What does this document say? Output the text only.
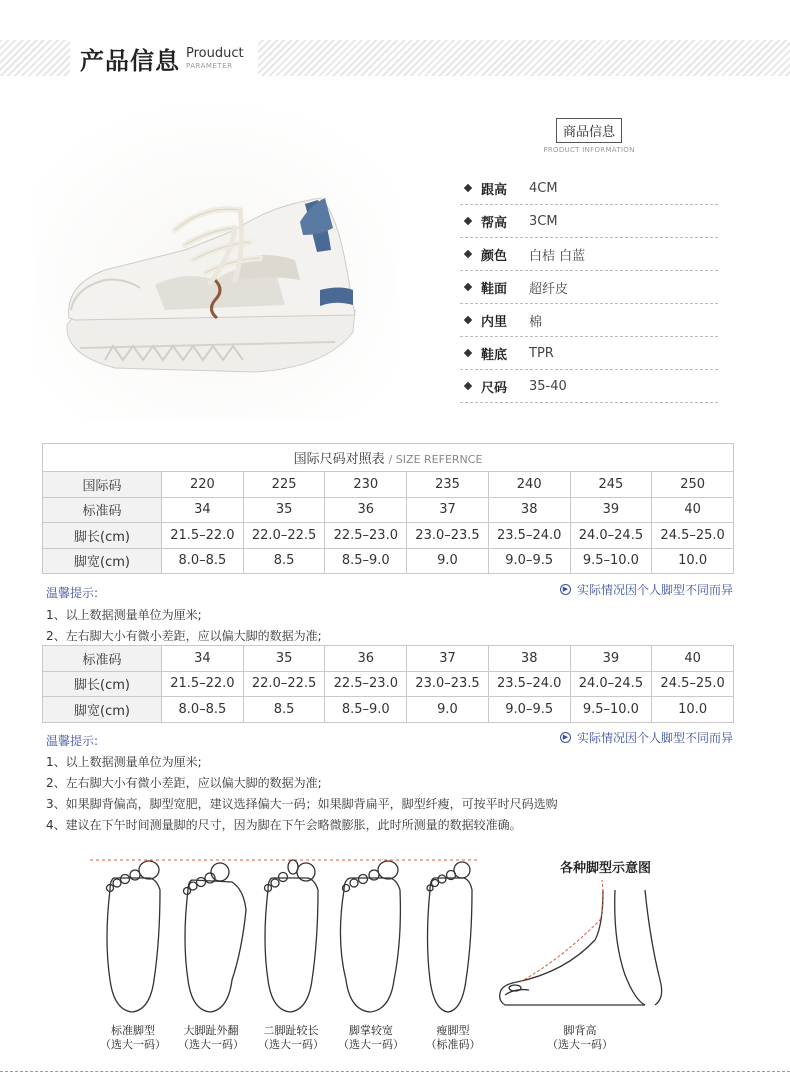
产品信息 Prouduct
PARAMETER
商品信息
PRODUCT INFORMATION
跟高	4CM
帮高	3CM
颜色	白桔 白蓝
鞋面	超纤皮
内里	棉
鞋底	TPR
尺码	35-40
国际尺码对照表 / SIZE REFERNCE							
国际码	220	225	230	235	240	245	250
标准码	34	35	36	37	38	39	40
脚长(cm)	21.5–22.0	22.0–22.5	22.5–23.0	23.0–23.5	23.5–24.0	24.0–24.5	24.5–25.0
脚宽(cm)	8.0–8.5	8.5	8.5–9.0	9.0	9.0–9.5	9.5–10.0	10.0
温馨提示:	▶ 实际情况因个人脚型不同而异
1、以上数据测量单位为厘米;
2、左右脚大小有微小差距，应以偏大脚的数据为准;
标准码	34	35	36	37	38	39	40
脚长(cm)	21.5–22.0	22.0–22.5	22.5–23.0	23.0–23.5	23.5–24.0	24.0–24.5	24.5–25.0
脚宽(cm)	8.0–8.5	8.5	8.5–9.0	9.0	9.0–9.5	9.5–10.0	10.0
温馨提示:	▶ 实际情况因个人脚型不同而异
1、以上数据测量单位为厘米;
2、左右脚大小有微小差距，应以偏大脚的数据为准;
3、如果脚背偏高，脚型宽肥，建议选择偏大一码；如果脚背扁平，脚型纤瘦，可按平时尺码选购
4、建议在下午时间测量脚的尺寸，因为脚在下午会略微膨胀，此时所测量的数据较准确。
各种脚型示意图
标准脚型
（选大一码）
大脚趾外翻
（选大一码）
二脚趾较长
（选大一码）
脚掌较宽
（选大一码）
瘦脚型
（标准码）
脚背高
（选大一码）
